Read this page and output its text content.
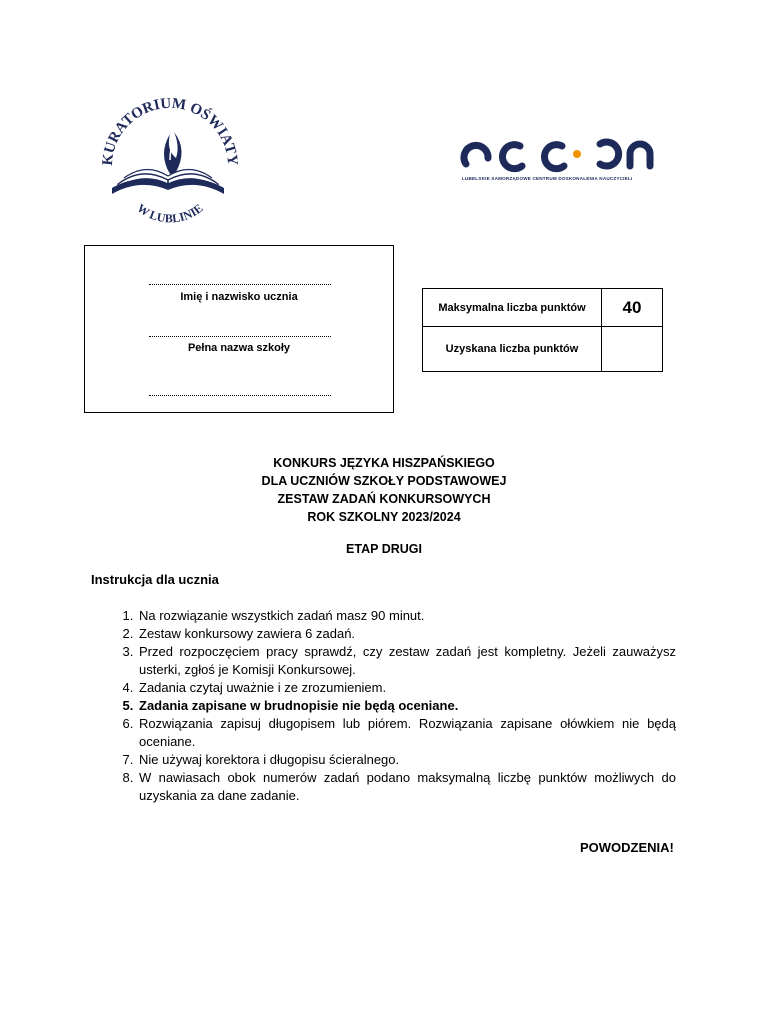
KURATORIUM OŚWIATY
W LUBLINIE
LUBELSKIE SAMORZĄDOWE CENTRUM DOSKONALENIA NAUCZYCIELI
Imię i nazwisko ucznia
Pełna nazwa szkoły
Maksymalna liczba punktów	40
Uzyskana liczba punktów	
KONKURS JĘZYKA HISZPAŃSKIEGO
DLA UCZNIÓW SZKOŁY PODSTAWOWEJ
ZESTAW ZADAŃ KONKURSOWYCH
ROK SZKOLNY 2023/2024
ETAP DRUGI
Instrukcja dla ucznia
1. Na rozwiązanie wszystkich zadań masz 90 minut.
2. Zestaw konkursowy zawiera 6 zadań.
3. Przed rozpoczęciem pracy sprawdź, czy zestaw zadań jest kompletny. Jeżeli zauważysz usterki, zgłoś je Komisji Konkursowej.
4. Zadania czytaj uważnie i ze zrozumieniem.
5. Zadania zapisane w brudnopisie nie będą oceniane.
6. Rozwiązania zapisuj długopisem lub piórem. Rozwiązania zapisane ołówkiem nie będą oceniane.
7. Nie używaj korektora i długopisu ścieralnego.
8. W nawiasach obok numerów zadań podano maksymalną liczbę punktów możliwych do uzyskania za dane zadanie.
POWODZENIA!
